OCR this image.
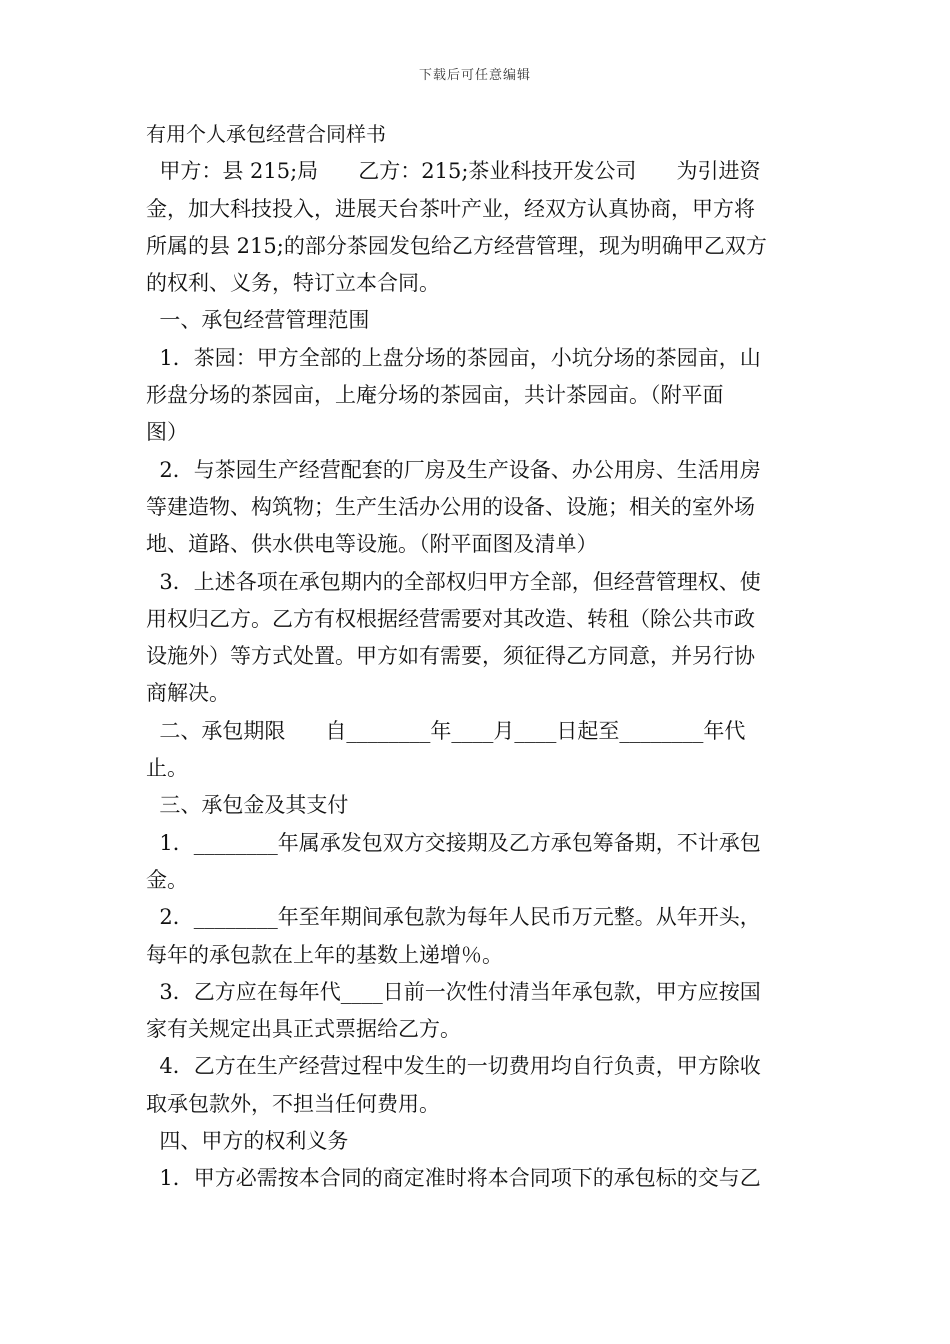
下载后可任意编辑
有用个人承包经营合同样书
甲方：县 215;局      乙方：215;茶业科技开发公司      为引进资
金，加大科技投入，进展天台茶叶产业，经双方认真协商，甲方将
所属的县 215;的部分茶园发包给乙方经营管理，现为明确甲乙双方
的权利、义务，特订立本合同。
一、承包经营管理范围
1．茶园：甲方全部的上盘分场的茶园亩，小坑分场的茶园亩，山
形盘分场的茶园亩，上庵分场的茶园亩，共计茶园亩。（附平面
图）
2．与茶园生产经营配套的厂房及生产设备、办公用房、生活用房
等建造物、构筑物；生产生活办公用的设备、设施；相关的室外场
地、道路、供水供电等设施。（附平面图及清单）
3．上述各项在承包期内的全部权归甲方全部，但经营管理权、使
用权归乙方。乙方有权根据经营需要对其改造、转租（除公共市政
设施外）等方式处置。甲方如有需要，须征得乙方同意，并另行协
商解决。
二、承包期限      自________年____月____日起至________年代
止。
三、承包金及其支付
1．________年属承发包双方交接期及乙方承包筹备期，不计承包
金。
2．________年至年期间承包款为每年人民币万元整。从年开头，
每年的承包款在上年的基数上递增％。
3．乙方应在每年代____日前一次性付清当年承包款，甲方应按国
家有关规定出具正式票据给乙方。
4．乙方在生产经营过程中发生的一切费用均自行负责，甲方除收
取承包款外，不担当任何费用。
四、甲方的权利义务
1．甲方必需按本合同的商定准时将本合同项下的承包标的交与乙
